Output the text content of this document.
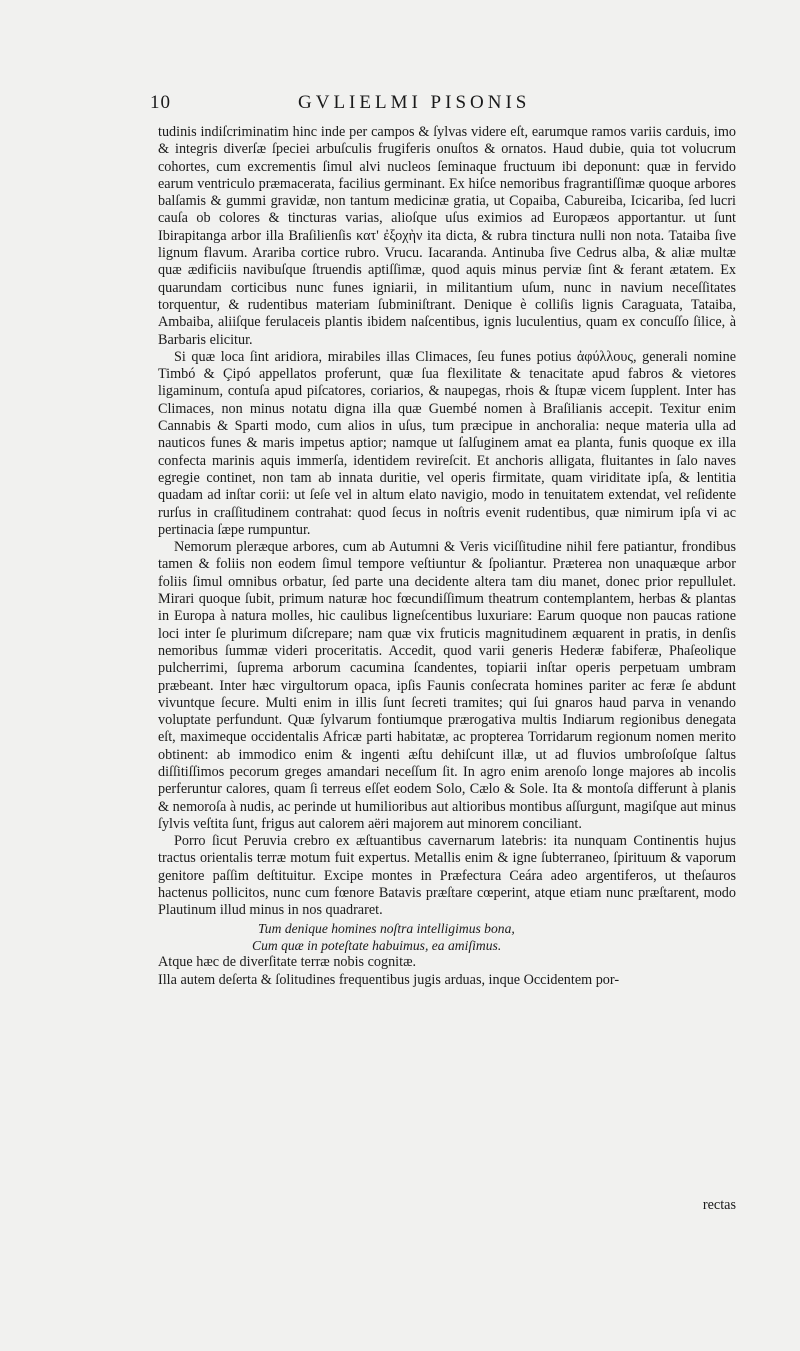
10	GVLIELMI PISONIS

tudinis indiſcriminatim hinc inde per campos & ſylvas videre eſt, earumque ramos variis carduis, imo & integris diverſæ ſpeciei arbuſculis frugiferis onuſtos & ornatos. Haud dubie, quia tot volucrum cohortes, cum excrementis ſimul alvi nucleos ſeminaque fructuum ibi deponunt: quæ in fervido earum ventriculo præmacerata, facilius germinant. Ex hiſce nemoribus fragrantiſſimæ quoque arbores balſamis & gummi gravidæ, non tantum medicinæ gratia, ut Copaiba, Cabureiba, Icicariba, ſed lucri cauſa ob colores & tincturas varias, alioſque uſus eximios ad Europæos apportantur. ut ſunt Ibirapitanga arbor illa Braſilienſis κατ' ἐξοχὴν ita dicta, & rubra tinctura nulli non nota. Tataiba ſive lignum flavum. Arariba cortice rubro. Vrucu. Iacaranda. Antinuba ſive Cedrus alba, & aliæ multæ quæ ædificiis navibuſque ſtruendis aptiſſimæ, quod aquis minus perviæ ſint & ferant ætatem. Ex quarundam corticibus nunc funes igniarii, in militantium uſum, nunc in navium neceſſitates torquentur, & rudentibus materiam ſubminiſtrant. Denique è colliſis lignis Caraguata, Tataiba, Ambaiba, aliiſque ferulaceis plantis ibidem naſcentibus, ignis luculentius, quam ex concuſſo ſilice, à Barbaris elicitur.

Si quæ loca ſint aridiora, mirabiles illas Climaces, ſeu funes potius ἀφύλλους, generali nomine Timbó & Çipó appellatos proferunt, quæ ſua flexilitate & tenacitate apud fabros & vietores ligaminum, contuſa apud piſcatores, coriarios, & naupegas, rhois & ſtupæ vicem ſupplent. Inter has Climaces, non minus notatu digna illa quæ Guembé nomen à Braſilianis accepit. Texitur enim Cannabis & Sparti modo, cum alios in uſus, tum præcipue in anchoralia: neque materia ulla ad nauticos funes & maris impetus aptior; namque ut ſalſuginem amat ea planta, funis quoque ex illa confecta marinis aquis immerſa, identidem revireſcit. Et anchoris alligata, fluitantes in ſalo naves egregie continet, non tam ab innata duritie, vel operis firmitate, quam viriditate ipſa, & lentitia quadam ad inſtar corii: ut ſeſe vel in altum elato navigio, modo in tenuitatem extendat, vel reſidente rurſus in craſſitudinem contrahat: quod ſecus in noſtris evenit rudentibus, quæ nimirum ipſa vi ac pertinacia ſæpe rumpuntur.

Nemorum pleræque arbores, cum ab Autumni & Veris viciſſitudine nihil fere patiantur, frondibus tamen & foliis non eodem ſimul tempore veſtiuntur & ſpoliantur. Præterea non unaquæque arbor foliis ſimul omnibus orbatur, ſed parte una decidente altera tam diu manet, donec prior repullulet. Mirari quoque ſubit, primum naturæ hoc fœcundiſſimum theatrum contemplantem, herbas & plantas in Europa à natura molles, hic caulibus ligneſcentibus luxuriare: Earum quoque non paucas ratione loci inter ſe plurimum diſcrepare; nam quæ vix fruticis magnitudinem æquarent in pratis, in denſis nemoribus ſummæ videri proceritatis. Accedit, quod varii generis Hederæ fabiferæ, Phaſeolique pulcherrimi, ſuprema arborum cacumina ſcandentes, topiarii inſtar operis perpetuam umbram præbeant. Inter hæc virgultorum opaca, ipſis Faunis conſecrata homines pariter ac feræ ſe abdunt vivuntque ſecure. Multi enim in illis ſunt ſecreti tramites; qui ſui gnaros haud parva in venando voluptate perfundunt. Quæ ſylvarum fontiumque prærogativa multis Indiarum regionibus denegata eſt, maximeque occidentalis Africæ parti habitatæ, ac propterea Torridarum regionum nomen merito obtinent: ab immodico enim & ingenti æſtu dehiſcunt illæ, ut ad fluvios umbroſoſque ſaltus diſſitiſſimos pecorum greges amandari neceſſum ſit. In agro enim arenoſo longe majores ab incolis perferuntur calores, quam ſi terreus eſſet eodem Solo, Cælo & Sole. Ita & montoſa differunt à planis & nemoroſa à nudis, ac perinde ut humilioribus aut altioribus montibus aſſurgunt, magiſque aut minus ſylvis veſtita ſunt, frigus aut calorem aëri majorem aut minorem conciliant.

Porro ſicut Peruvia crebro ex æſtuantibus cavernarum latebris: ita nunquam Continentis hujus tractus orientalis terræ motum fuit expertus. Metallis enim & igne ſubterraneo, ſpirituum & vaporum genitore paſſim deſtituitur. Excipe montes in Præfectura Ceára adeo argentiferos, ut theſauros hactenus pollicitos, nunc cum fœnore Batavis præſtare cœperint, atque etiam nunc præſtarent, modo Plautinum illud minus in nos quadraret.

Tum denique homines noſtra intelligimus bona,

Cum quæ in poteſtate habuimus, ea amiſimus.

Atque hæc de diverſitate terræ nobis cognitæ.

Illa autem deſerta & ſolitudines frequentibus jugis arduas, inque Occidentem por-

rectas
